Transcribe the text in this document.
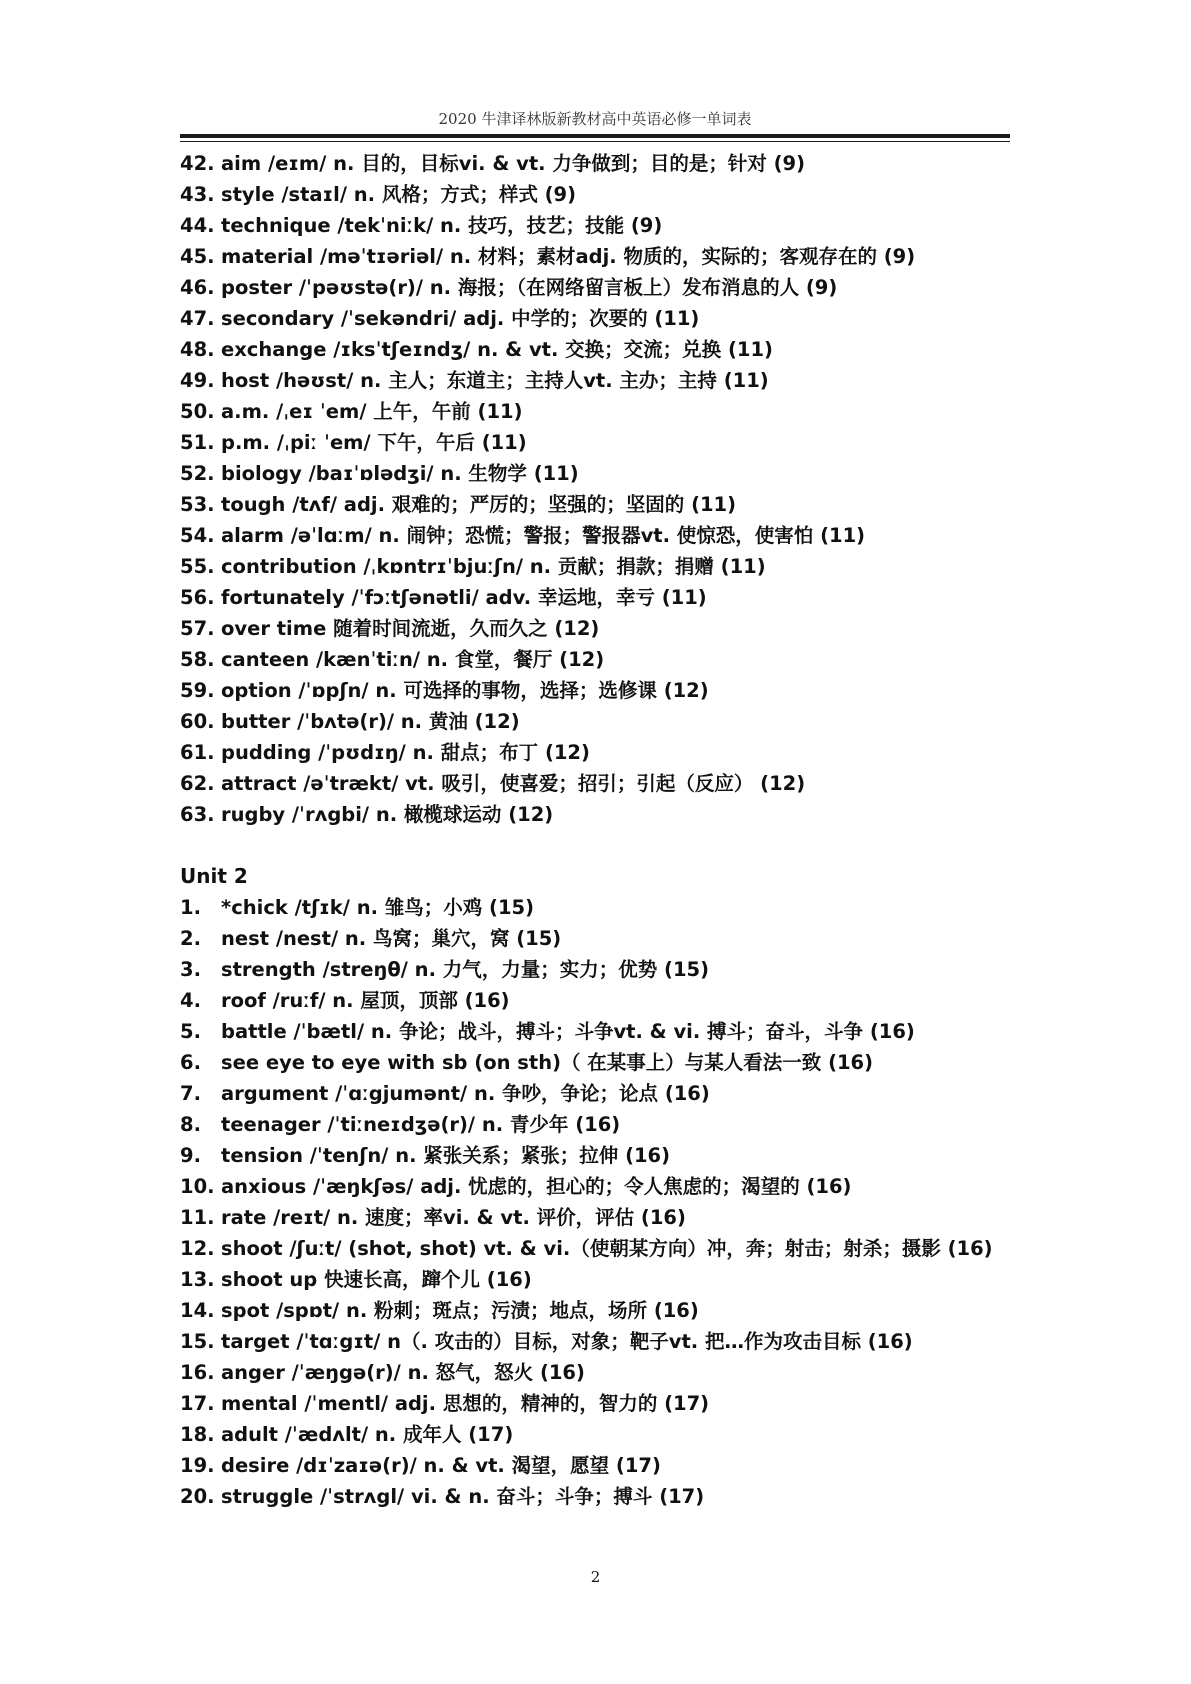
2020 牛津译林版新教材高中英语必修一单词表
42. aim /eɪm/ n. 目的，目标vi. & vt. 力争做到；目的是；针对 (9)
43. style /staɪl/ n. 风格；方式；样式 (9)
44. technique /tekˈniːk/ n. 技巧，技艺；技能 (9)
45. material /məˈtɪəriəl/ n. 材料；素材adj. 物质的，实际的；客观存在的 (9)
46. poster /ˈpəʊstə(r)/ n. 海报；（在网络留言板上）发布消息的人 (9)
47. secondary /ˈsekəndri/ adj. 中学的；次要的 (11)
48. exchange /ɪksˈtʃeɪndʒ/ n. & vt. 交换；交流；兑换 (11)
49. host /həʊst/ n. 主人；东道主；主持人vt. 主办；主持 (11)
50. a.m. /ˌeɪ ˈem/ 上午，午前 (11)
51. p.m. /ˌpiː ˈem/ 下午，午后 (11)
52. biology /baɪˈɒlədʒi/ n. 生物学 (11)
53. tough /tʌf/ adj. 艰难的；严厉的；坚强的；坚固的 (11)
54. alarm /əˈlɑːm/ n. 闹钟；恐慌；警报；警报器vt. 使惊恐，使害怕 (11)
55. contribution /ˌkɒntrɪˈbjuːʃn/ n. 贡献；捐款；捐赠 (11)
56. fortunately /ˈfɔːtʃənətli/ adv. 幸运地，幸亏 (11)
57. over time 随着时间流逝，久而久之 (12)
58. canteen /kænˈtiːn/ n. 食堂，餐厅 (12)
59. option /ˈɒpʃn/ n. 可选择的事物，选择；选修课 (12)
60. butter /ˈbʌtə(r)/ n. 黄油 (12)
61. pudding /ˈpʊdɪŋ/ n. 甜点；布丁 (12)
62. attract /əˈtrækt/ vt. 吸引，使喜爱；招引；引起（反应） (12)
63. rugby /ˈrʌgbi/ n. 橄榄球运动 (12)
Unit 2
1. *chick /tʃɪk/ n. 雏鸟；小鸡 (15)
2. nest /nest/ n. 鸟窝；巢穴，窝 (15)
3. strength /streŋθ/ n. 力气，力量；实力；优势 (15)
4. roof /ruːf/ n. 屋顶，顶部 (16)
5. battle /ˈbætl/ n. 争论；战斗，搏斗；斗争vt. & vi. 搏斗；奋斗，斗争 (16)
6. see eye to eye with sb (on sth)（ 在某事上）与某人看法一致 (16)
7. argument /ˈɑːgjumənt/ n. 争吵，争论；论点 (16)
8. teenager /ˈtiːneɪdʒə(r)/ n. 青少年 (16)
9. tension /ˈtenʃn/ n. 紧张关系；紧张；拉伸 (16)
10. anxious /ˈæŋkʃəs/ adj. 忧虑的，担心的；令人焦虑的；渴望的 (16)
11. rate /reɪt/ n. 速度；率vi. & vt. 评价，评估 (16)
12. shoot /ʃuːt/ (shot, shot) vt. & vi.（使朝某方向）冲，奔；射击；射杀；摄影 (16)
13. shoot up 快速长高，蹿个儿 (16)
14. spot /spɒt/ n. 粉刺；斑点；污渍；地点，场所 (16)
15. target /ˈtɑːgɪt/ n（. 攻击的）目标，对象；靶子vt. 把…作为攻击目标 (16)
16. anger /ˈæŋgə(r)/ n. 怒气，怒火 (16)
17. mental /ˈmentl/ adj. 思想的，精神的，智力的 (17)
18. adult /ˈædʌlt/ n. 成年人 (17)
19. desire /dɪˈzaɪə(r)/ n. & vt. 渴望，愿望 (17)
20. struggle /ˈstrʌgl/ vi. & n. 奋斗；斗争；搏斗 (17)
2
